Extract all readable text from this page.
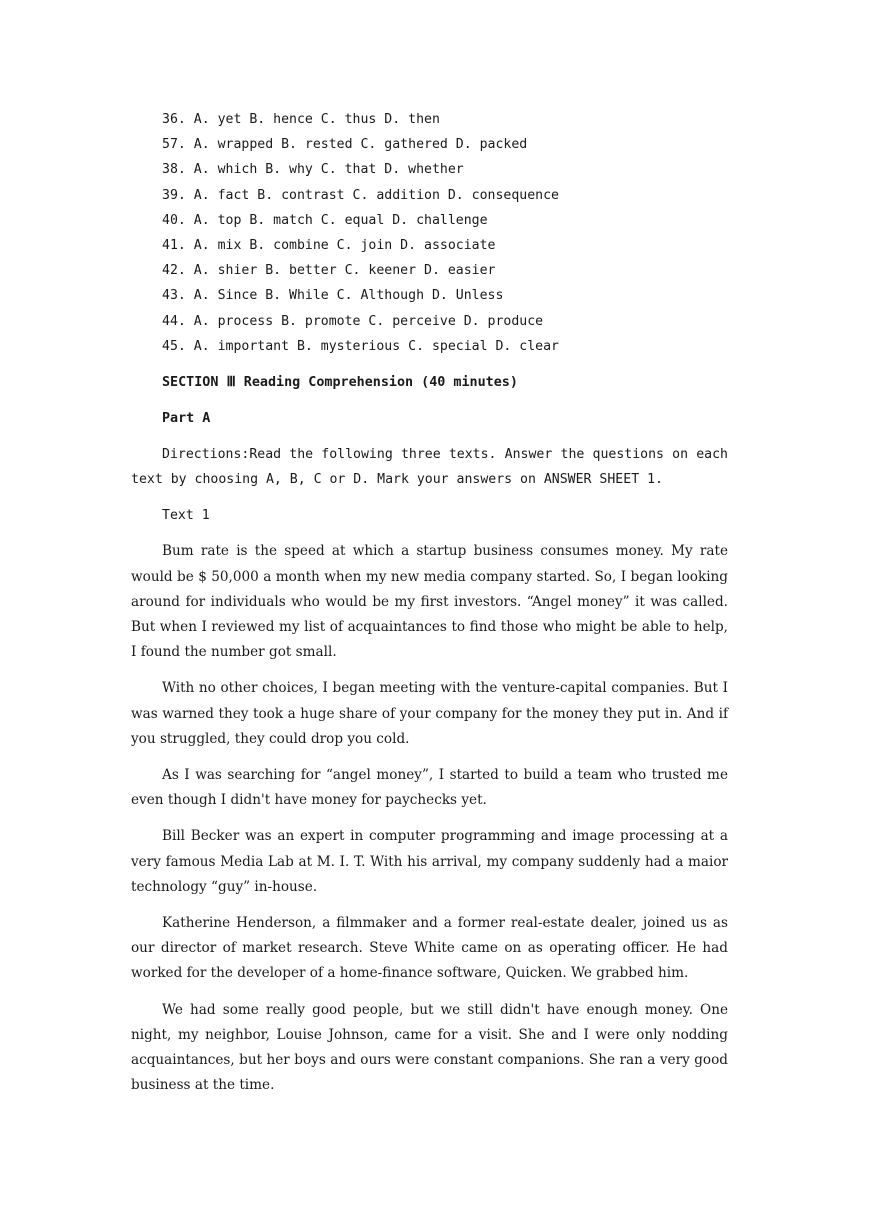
36. A. yet B. hence C. thus D. then
57. A. wrapped B. rested C. gathered D. packed
38. A. which B. why C. that D. whether
39. A. fact B. contrast C. addition D. consequence
40. A. top B. match C. equal D. challenge
41. A. mix B. combine C. join D. associate
42. A. shier B. better C. keener D. easier
43. A. Since B. While C. Although D. Unless
44. A. process B. promote C. perceive D. produce
45. A. important B. mysterious C. special D. clear
SECTION Ⅲ Reading Comprehension (40 minutes)
Part A

Directions:Read the following three texts. Answer the questions on each text by choosing A, B, C or D. Mark your answers on ANSWER SHEET 1.

Text 1

Bum rate is the speed at which a startup business consumes money. My rate would be $ 50,000 a month when my new media company started. So, I began looking around for individuals who would be my first investors. “Angel money” it was called. But when I reviewed my list of acquaintances to find those who might be able to help, I found the number got small.

With no other choices, I began meeting with the venture-capital companies. But I was warned they took a huge share of your company for the money they put in. And if you struggled, they could drop you cold.

As I was searching for “angel money”, I started to build a team who trusted me even though I didn't have money for paychecks yet.

Bill Becker was an expert in computer programming and image processing at a very famous Media Lab at M. I. T. With his arrival, my company suddenly had a maior technology “guy” in-house.

Katherine Henderson, a filmmaker and a former real-estate dealer, joined us as our director of market research. Steve White came on as operating officer. He had worked for the developer of a home-finance software, Quicken. We grabbed him.

We had some really good people, but we still didn't have enough money. One night, my neighbor, Louise Johnson, came for a visit. She and I were only nodding acquaintances, but her boys and ours were constant companions. She ran a very good business at the time.
